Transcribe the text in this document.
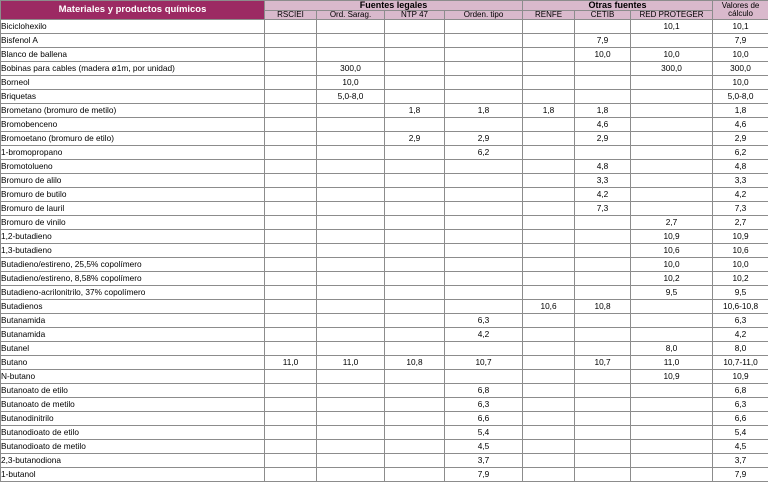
Materiales y productos químicos	Fuentes legales				Otras fuentes			Valores de cálculo
	RSCIEI	Ord. Sarag.	NTP 47	Orden. tipo	RENFE	CETIB	RED PROTEGER	
Biciclohexilo							10,1	10,1
Bisfenol A						7,9		7,9
Blanco de ballena						10,0	10,0	10,0
Bobinas para cables (madera ø1m, por unidad)		300,0					300,0	300,0
Borneol		10,0						10,0
Briquetas		5,0-8,0						5,0-8,0
Brometano (bromuro de metilo)			1,8	1,8	1,8	1,8		1,8
Bromobenceno						4,6		4,6
Bromoetano (bromuro de etilo)			2,9	2,9		2,9		2,9
1-bromopropano				6,2				6,2
Bromotolueno						4,8		4,8
Bromuro de alilo						3,3		3,3
Bromuro de butilo						4,2		4,2
Bromuro de lauril						7,3		7,3
Bromuro de vinilo							2,7	2,7
1,2-butadieno							10,9	10,9
1,3-butadieno							10,6	10,6
Butadieno/estireno, 25,5% copolímero							10,0	10,0
Butadieno/estireno, 8,58% copolímero							10,2	10,2
Butadieno-acrilonitrilo, 37% copolímero							9,5	9,5
Butadienos					10,6	10,8		10,6-10,8
Butanamida				6,3				6,3
Butanamida				4,2				4,2
Butanel							8,0	8,0
Butano	11,0	11,0	10,8	10,7		10,7	11,0	10,7-11,0
N-butano							10,9	10,9
Butanoato de etilo				6,8				6,8
Butanoato de metilo				6,3				6,3
Butanodinitrilo				6,6				6,6
Butanodioato de etilo				5,4				5,4
Butanodioato de metilo				4,5				4,5
2,3-butanodiona				3,7				3,7
1-butanol				7,9				7,9
